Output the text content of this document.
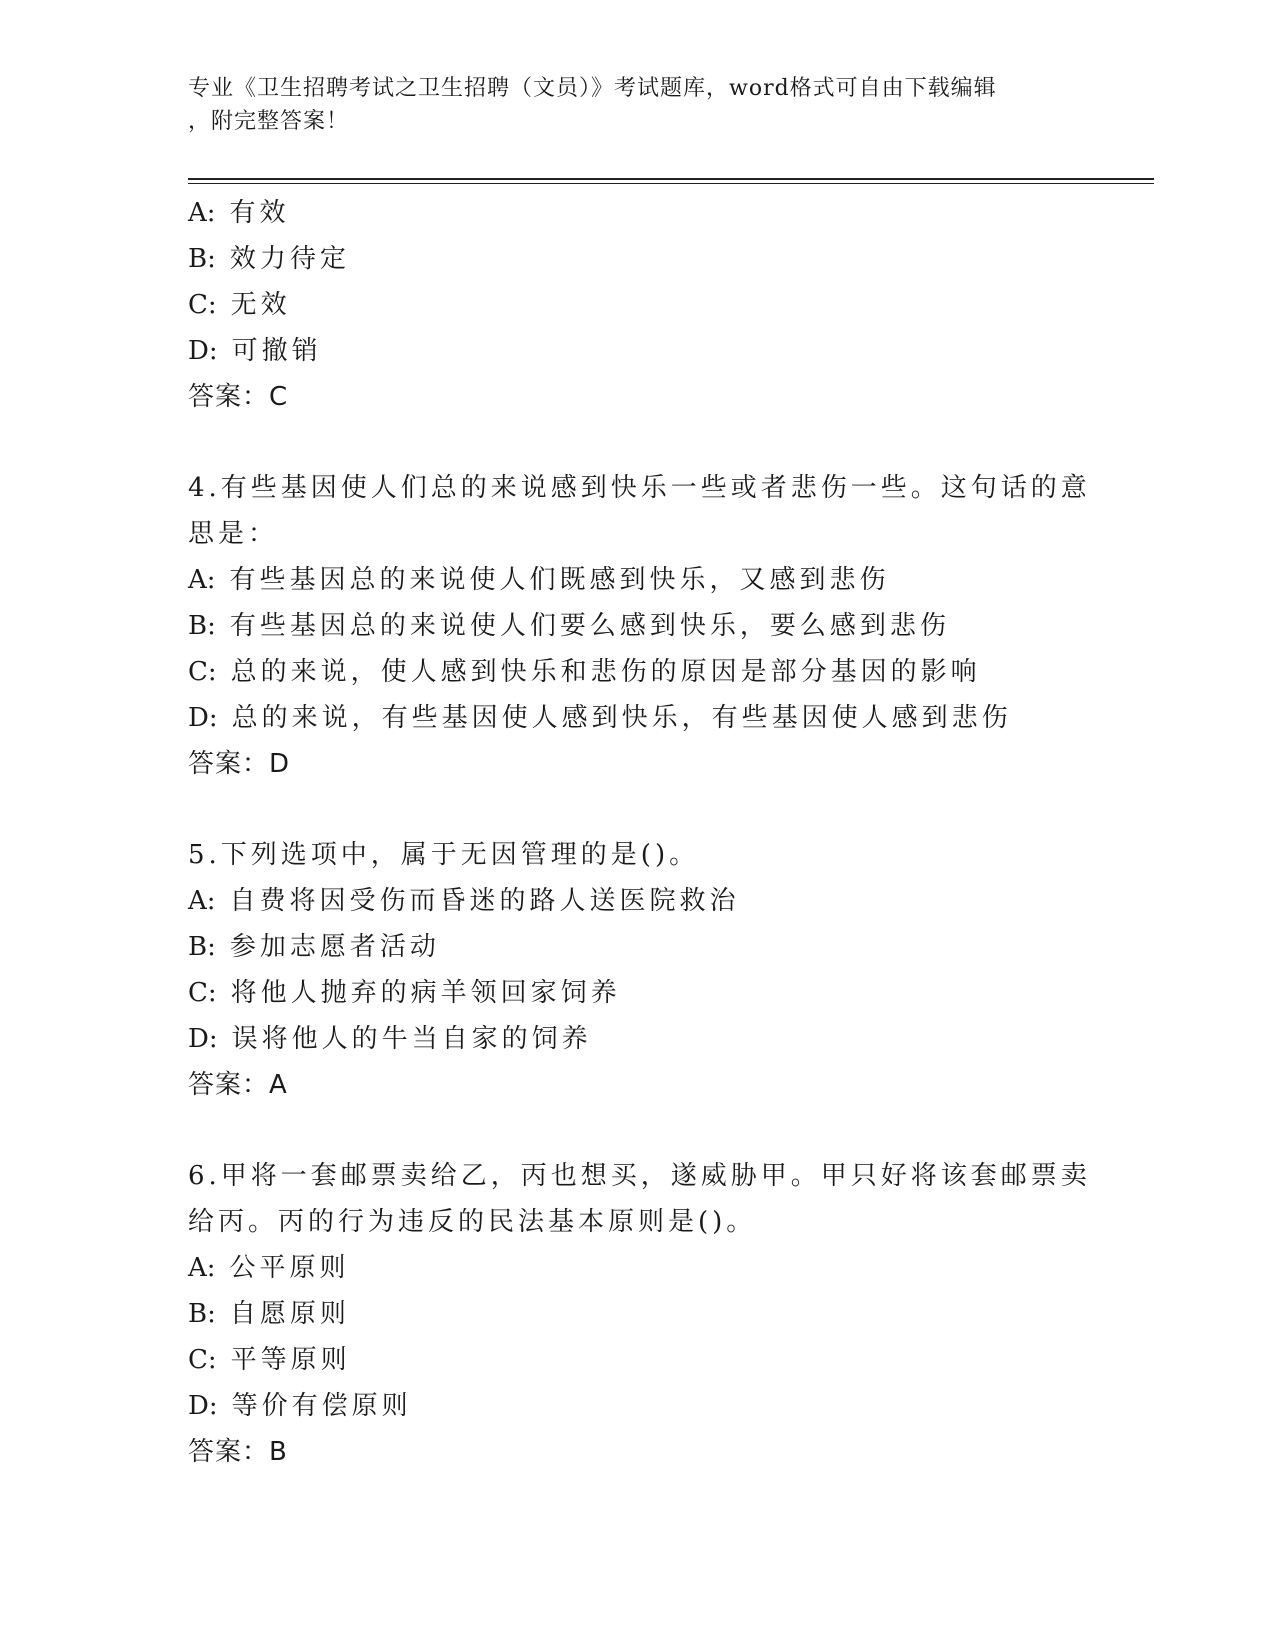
专业《卫生招聘考试之卫生招聘（文员）》考试题库，word格式可自由下载编辑
，附完整答案！
A: 有效
B: 效力待定
C: 无效
D: 可撤销
答案：C
4.有些基因使人们总的来说感到快乐一些或者悲伤一些。这句话的意
思是：
A: 有些基因总的来说使人们既感到快乐，又感到悲伤
B: 有些基因总的来说使人们要么感到快乐，要么感到悲伤
C: 总的来说，使人感到快乐和悲伤的原因是部分基因的影响
D: 总的来说，有些基因使人感到快乐，有些基因使人感到悲伤
答案：D
5.下列选项中，属于无因管理的是()。
A: 自费将因受伤而昏迷的路人送医院救治
B: 参加志愿者活动
C: 将他人抛弃的病羊领回家饲养
D: 误将他人的牛当自家的饲养
答案：A
6.甲将一套邮票卖给乙，丙也想买，遂威胁甲。甲只好将该套邮票卖
给丙。丙的行为违反的民法基本原则是()。
A: 公平原则
B: 自愿原则
C: 平等原则
D: 等价有偿原则
答案：B
